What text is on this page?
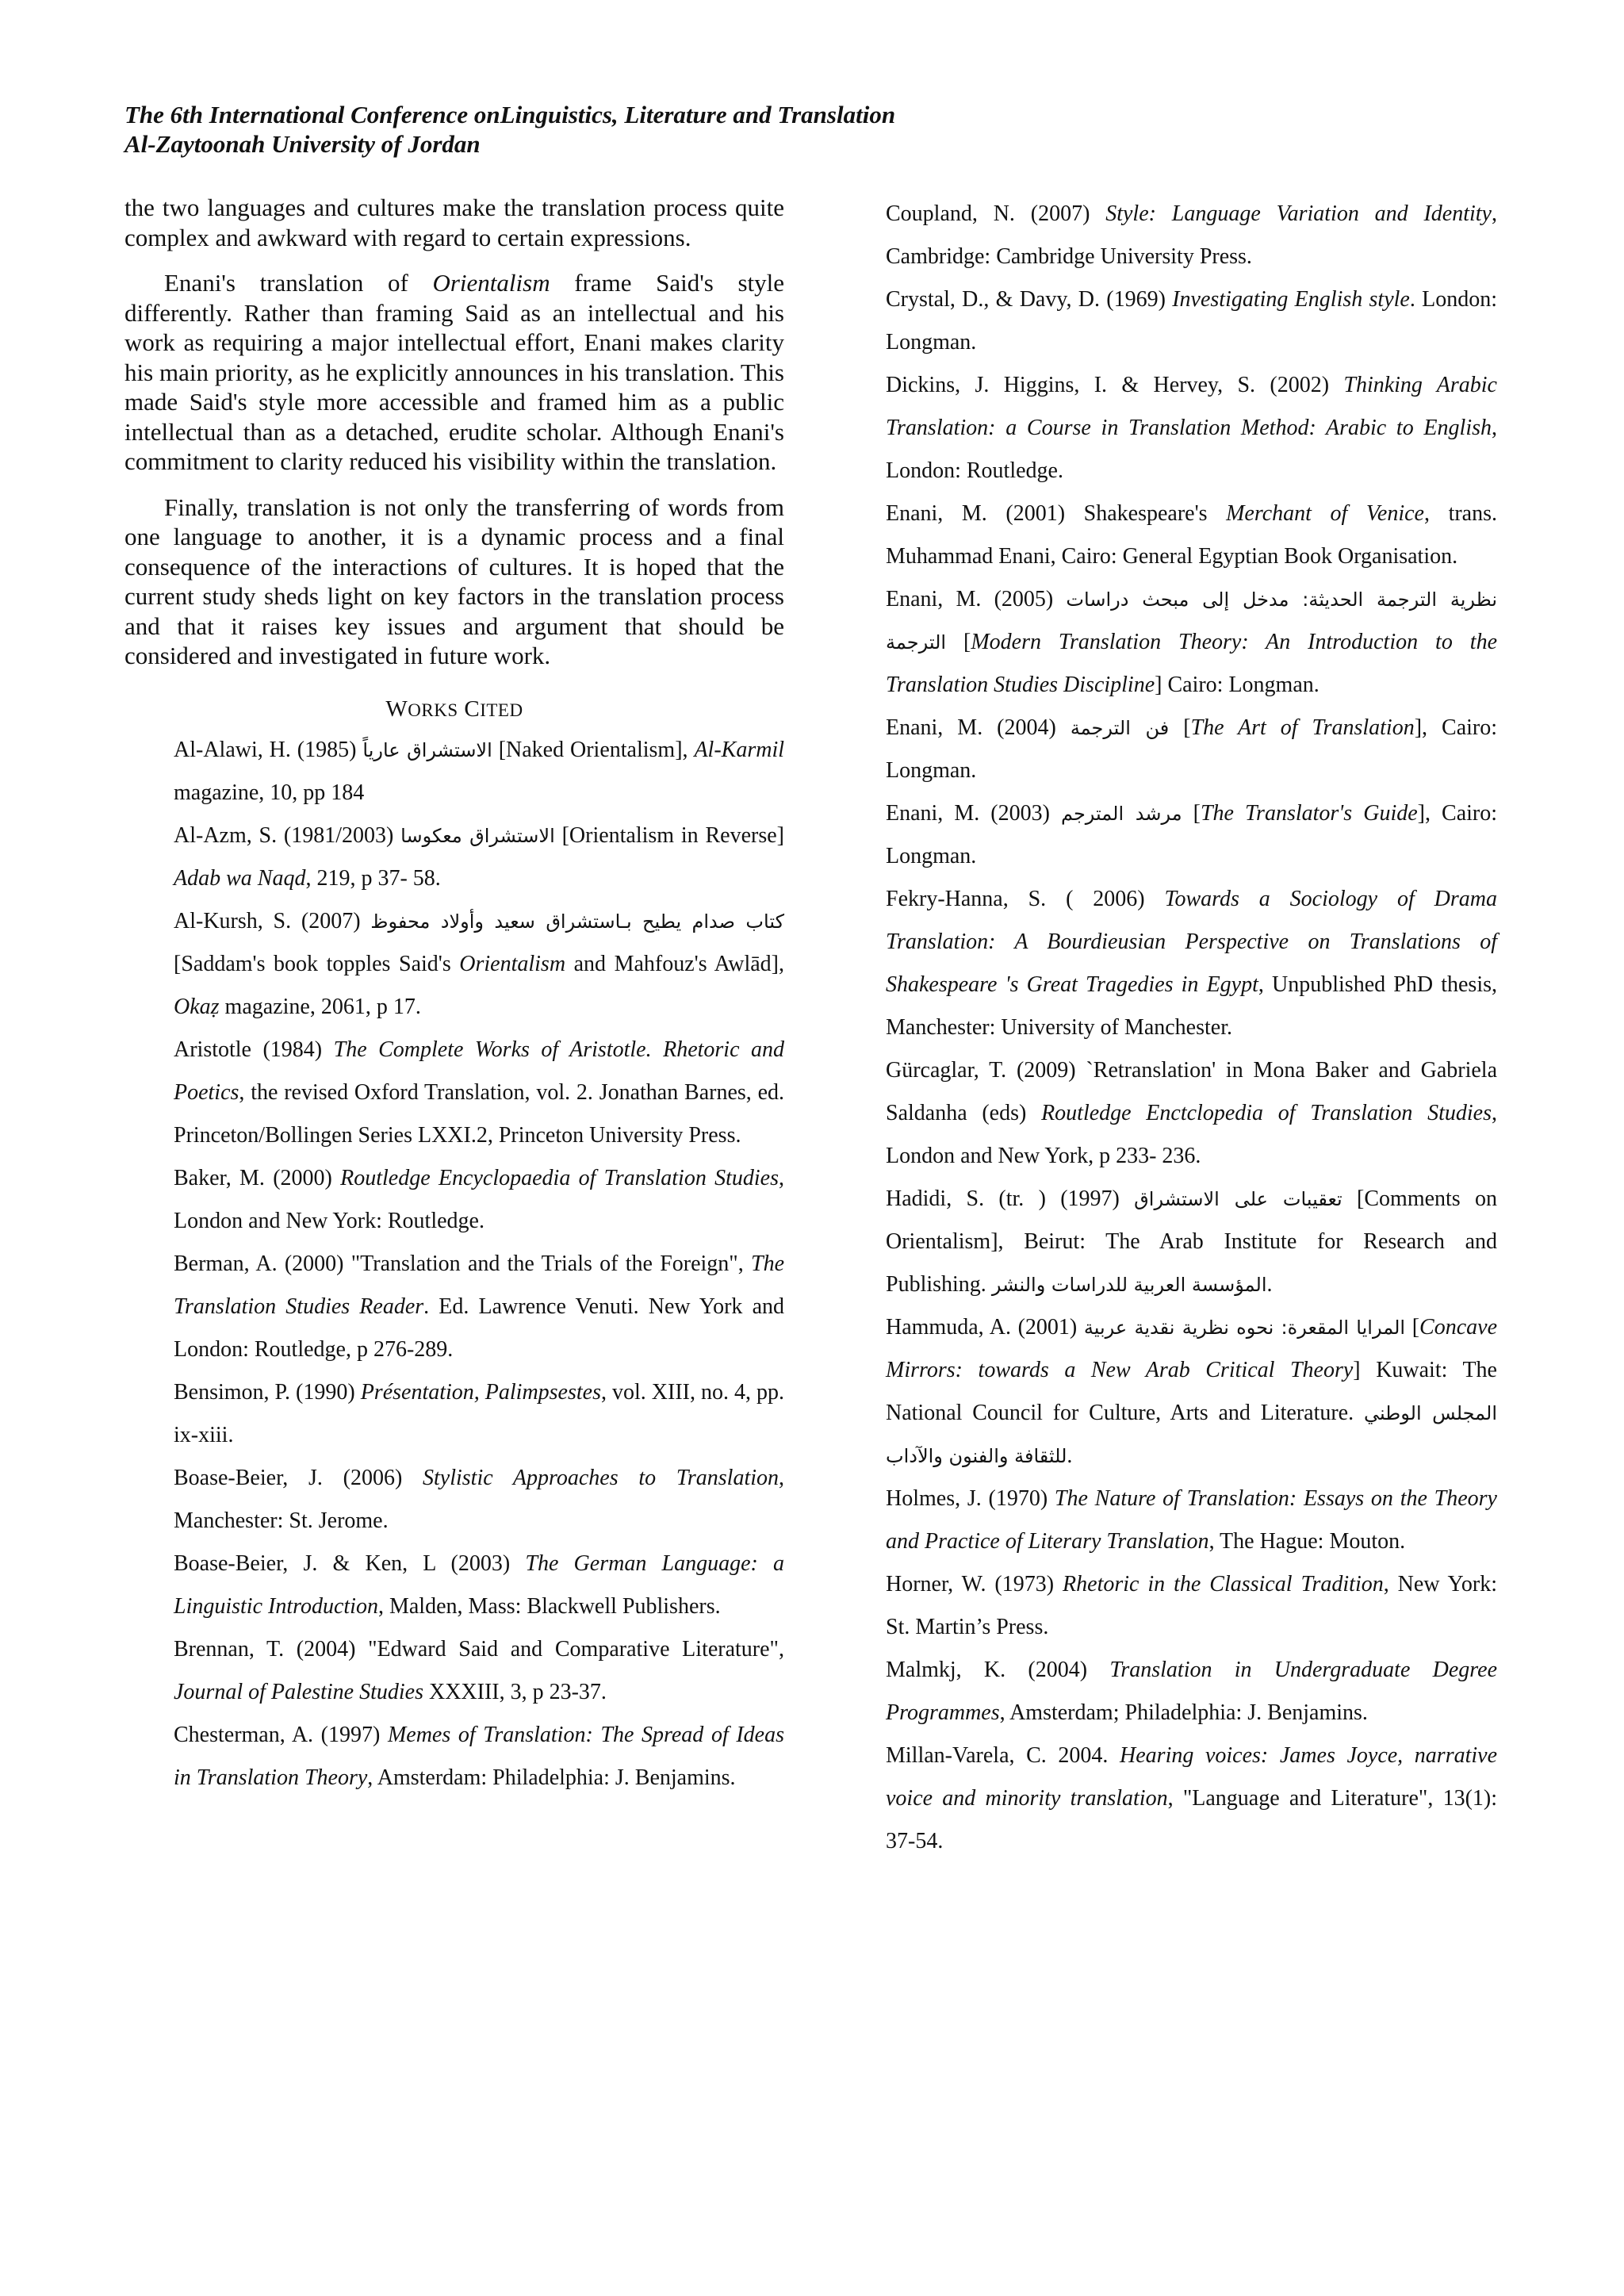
The 6th International Conference onLinguistics, Literature and Translation
Al-Zaytoonah University of Jordan

the two languages and cultures make the translation process quite complex and awkward with regard to certain expressions.

Enani's translation of Orientalism frame Said's style differently. Rather than framing Said as an intellectual and his work as requiring a major intellectual effort, Enani makes clarity his main priority, as he explicitly announces in his translation. This made Said's style more accessible and framed him as a public intellectual than as a detached, erudite scholar. Although Enani's commitment to clarity reduced his visibility within the translation.

Finally, translation is not only the transferring of words from one language to another, it is a dynamic process and a final consequence of the interactions of cultures. It is hoped that the current study sheds light on key factors in the translation process and that it raises key issues and argument that should be considered and investigated in future work.

WORKS CITED

Al-Alawi, H. (1985) الاستشراق عارياً [Naked Orientalism], Al-Karmil magazine, 10, pp 184

Al-Azm, S. (1981/2003) الاستشراق معكوسا [Orientalism in Reverse] Adab wa Naqd, 219, p 37- 58.

Al-Kursh, S. (2007) كتاب صدام يطيح بـاستشراق سعيد وأولاد محفوظ [Saddam's book topples Said's Orientalism and Mahfouz's Awlād], Okaẓ magazine, 2061, p 17.

Aristotle (1984) The Complete Works of Aristotle. Rhetoric and Poetics, the revised Oxford Translation, vol. 2. Jonathan Barnes, ed. Princeton/Bollingen Series LXXI.2, Princeton University Press.

Baker, M. (2000) Routledge Encyclopaedia of Translation Studies, London and New York: Routledge.

Berman, A. (2000) "Translation and the Trials of the Foreign", The Translation Studies Reader. Ed. Lawrence Venuti. New York and London: Routledge, p 276-289.

Bensimon, P. (1990) Présentation, Palimpsestes, vol. XIII, no. 4, pp. ix-xiii.

Boase-Beier, J. (2006) Stylistic Approaches to Translation, Manchester: St. Jerome.

Boase-Beier, J. & Ken, L (2003) The German Language: a Linguistic Introduction, Malden, Mass: Blackwell Publishers.

Brennan, T. (2004) "Edward Said and Comparative Literature", Journal of Palestine Studies XXXIII, 3, p 23-37.

Chesterman, A. (1997) Memes of Translation: The Spread of Ideas in Translation Theory, Amsterdam: Philadelphia: J. Benjamins.

Coupland, N. (2007) Style: Language Variation and Identity, Cambridge: Cambridge University Press.

Crystal, D., & Davy, D. (1969) Investigating English style. London: Longman.

Dickins, J. Higgins, I. & Hervey, S. (2002) Thinking Arabic Translation: a Course in Translation Method: Arabic to English, London: Routledge.

Enani, M. (2001) Shakespeare's Merchant of Venice, trans. Muhammad Enani, Cairo: General Egyptian Book Organisation.

Enani, M. (2005) نظرية الترجمة الحديثة: مدخل إلى مبحث دراسات الترجمة [Modern Translation Theory: An Introduction to the Translation Studies Discipline] Cairo: Longman.

Enani, M. (2004) فن الترجمة [The Art of Translation], Cairo: Longman.

Enani, M. (2003) مرشد المترجم [The Translator's Guide], Cairo: Longman.

Fekry-Hanna, S. ( 2006) Towards a Sociology of Drama Translation: A Bourdieusian Perspective on Translations of Shakespeare 's Great Tragedies in Egypt, Unpublished PhD thesis, Manchester: University of Manchester.

Gürcaglar, T. (2009) `Retranslation' in Mona Baker and Gabriela Saldanha (eds) Routledge Enctclopedia of Translation Studies, London and New York, p 233- 236.

Hadidi, S. (tr. ) (1997) تعقيبات على الاستشراق [Comments on Orientalism], Beirut: The Arab Institute for Research and Publishing. المؤسسة العربية للدراسات والنشر.

Hammuda, A. (2001) المرايا المقعرة: نحوه نظرية نقدية عربية [Concave Mirrors: towards a New Arab Critical Theory] Kuwait: The National Council for Culture, Arts and Literature. المجلس الوطني للثقافة والفنون والآداب.

Holmes, J. (1970) The Nature of Translation: Essays on the Theory and Practice of Literary Translation, The Hague: Mouton.

Horner, W. (1973) Rhetoric in the Classical Tradition, New York: St. Martin’s Press.

Malmkj, K. (2004) Translation in Undergraduate Degree Programmes, Amsterdam; Philadelphia: J. Benjamins.

Millan-Varela, C. 2004. Hearing voices: James Joyce, narrative voice and minority translation, "Language and Literature", 13(1): 37-54.
